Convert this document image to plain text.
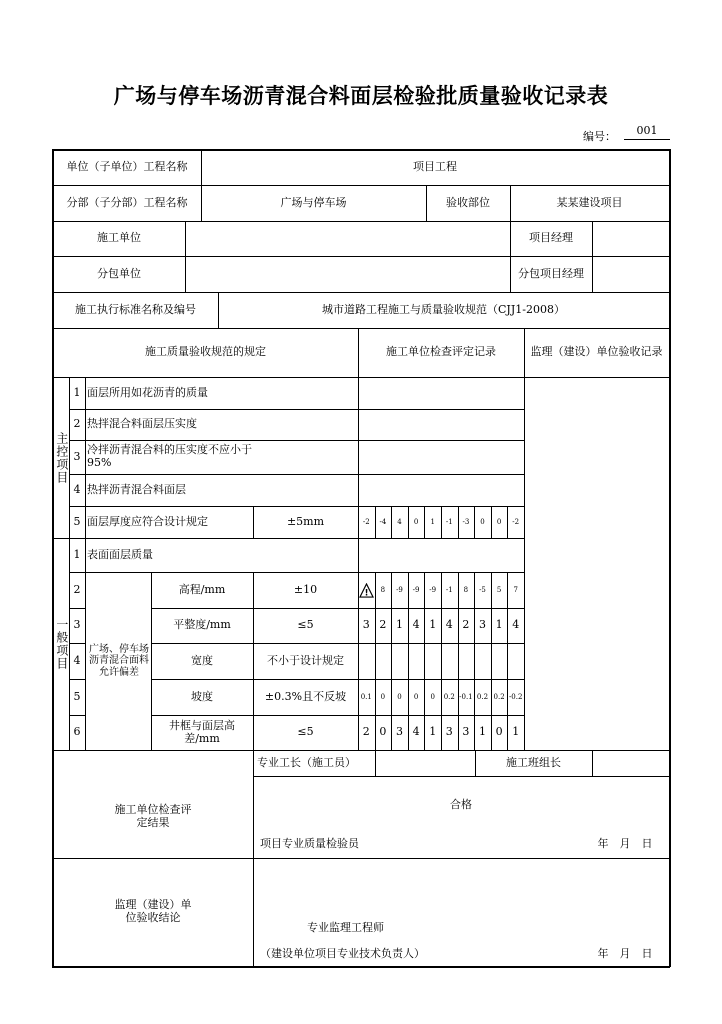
广场与停车场沥青混合料面层检验批质量验收记录表
编号：	001
单位（子单位）工程名称	项目工程
分部（子分部）工程名称	广场与停车场	验收部位	某某建设项目
施工单位	项目经理
分包单位	分包项目经理
施工执行标准名称及编号	城市道路工程施工与质量验收规范（CJJ1-2008）
施工质量验收规范的规定	施工单位检查评定记录	监理（建设）单位验收记录
主控项目
一般项目
1 面层所用如花沥青的质量
2 热拌混合料面层压实度
3 冷拌沥青混合料的压实度不应小于95%
4 热拌沥青混合料面层
5 面层厚度应符合设计规定	±5mm	-2	-4	4	0	1	-1	-3	0	0	-2
1 表面面层质量
广场、停车场沥青混合面料允许偏差
2	高程/mm	±10	!	8	-9	-9	-9	-1	8	-5	5	7
3	平整度/mm	≤5	3 2 1 4 1 4 2 3 1 4
4	宽度	不小于设计规定
5	坡度	±0.3%且不反坡	0.1	0	0	0	0	0.2 -0.1 0.2 0.2 -0.2
6	井框与面层高差/mm	≤5	2 0 3 4 1 3 3 1 0 1
专业工长（施工员）	施工班组长
施工单位检查评定结果
合格
项目专业质量检验员	年　月　日
监理（建设）单位验收结论
专业监理工程师
（建设单位项目专业技术负责人）	年　月　日
